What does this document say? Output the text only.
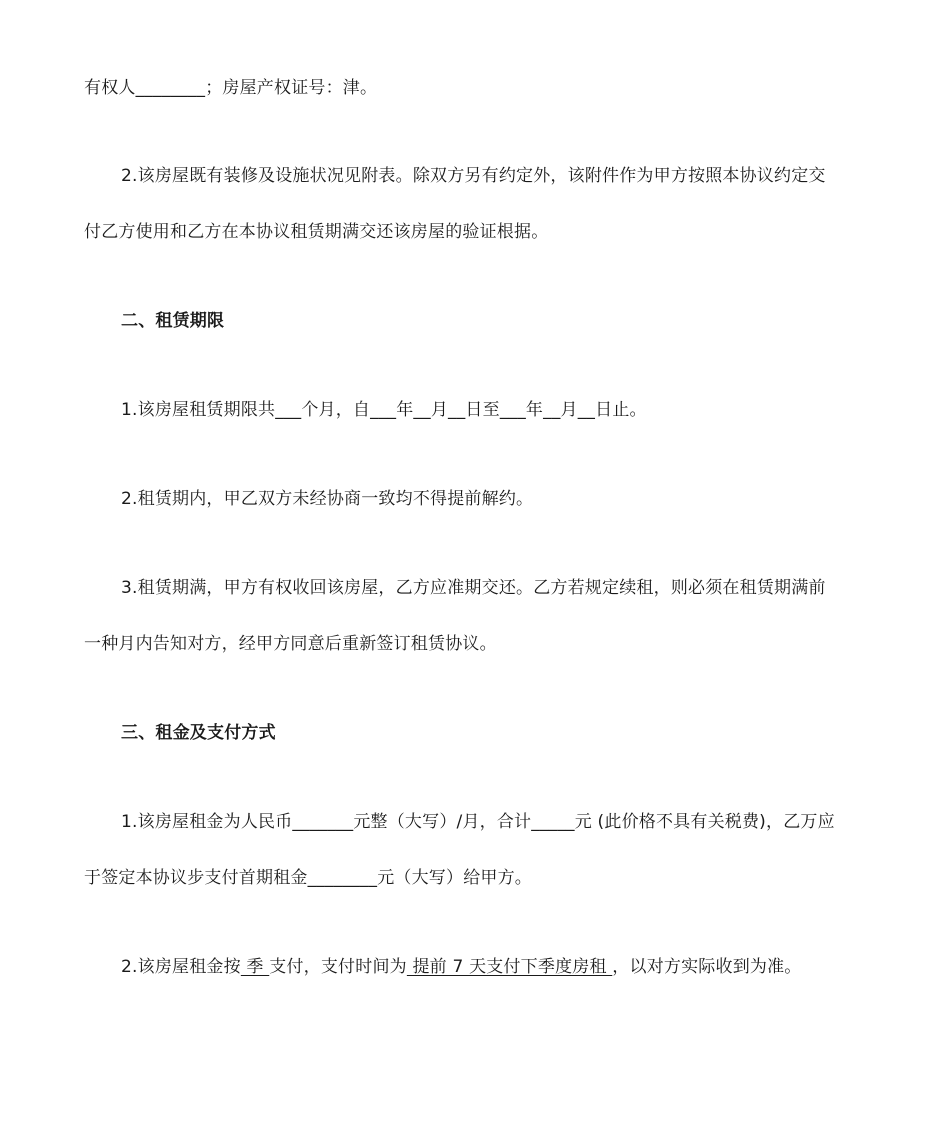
有权人________；房屋产权证号：津。
2.该房屋既有装修及设施状况见附表。除双方另有约定外，该附件作为甲方按照本协议约定交
付乙方使用和乙方在本协议租赁期满交还该房屋的验证根据。
二、租赁期限
1.该房屋租赁期限共___个月，自___年__月__日至___年__月__日止。
2.租赁期内，甲乙双方未经协商一致均不得提前解约。
3.租赁期满，甲方有权收回该房屋，乙方应准期交还。乙方若规定续租，则必须在租赁期满前
一种月内告知对方，经甲方同意后重新签订租赁协议。
三、租金及支付方式
1.该房屋租金为人民币_______元整（大写）/月，合计_____元 (此价格不具有关税费)，乙万应
于签定本协议步支付首期租金________元（大写）给甲方。
2.该房屋租金按 季 支付，支付时间为 提前 7 天支付下季度房租 ，以对方实际收到为准。
